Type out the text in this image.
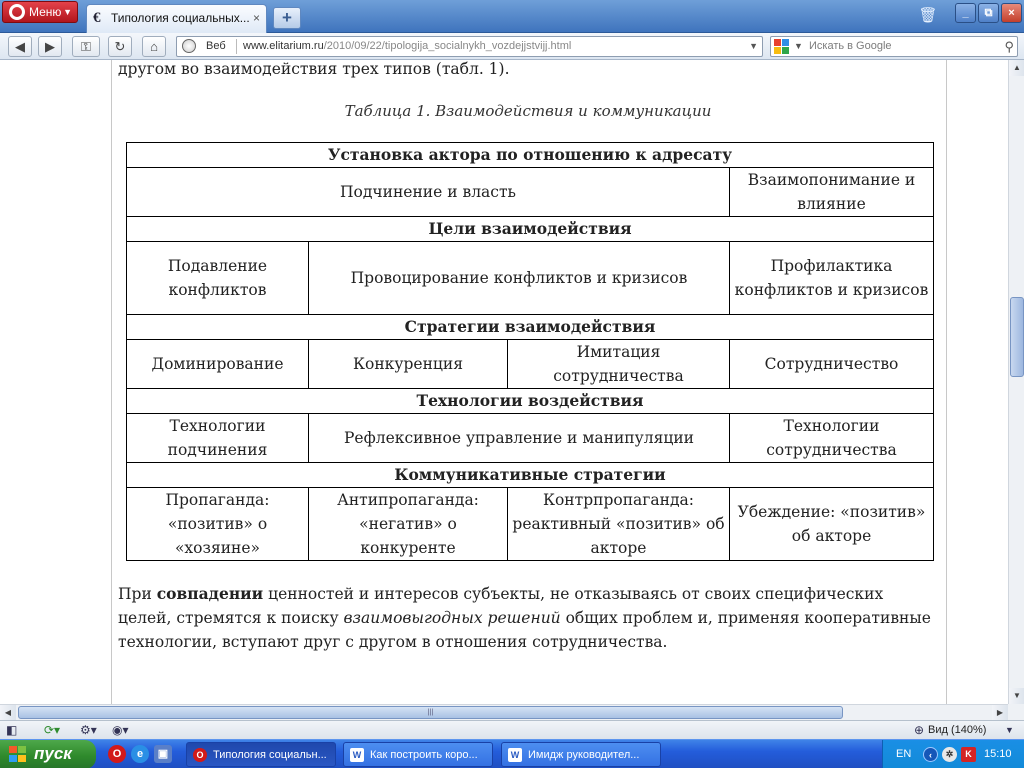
Меню ▼ € Типология социальных... ×	+	🗑	_	⧉	×
◀	▶	⚿	↻	⌂	Веб www.elitarium.ru/2010/09/22/tipologija_socialnykh_vozdejjstvijj.html	▼	▼ Искать в Google	⚲
другом во взаимодействия трех типов (табл. 1).
Таблица 1. Взаимодействия и коммуникации
Установка актора по отношению к адресату			
Подчинение и власть			Взаимопонимание и влияние
Цели взаимодействия			
Подавление конфликтов	Провоцирование конфликтов и кризисов		Профилактика конфликтов и кризисов
Стратегии взаимодействия			
Доминирование	Конкуренция	Имитация сотрудничества	Сотрудничество
Технологии воздействия			
Технологии подчинения	Рефлексивное управление и манипуляции		Технологии сотрудничества
Коммуникативные стратегии			
Пропаганда: «позитив» о «хозяине»	Антипропаганда: «негатив» о конкуренте	Контрпропаганда: реактивный «позитив» об акторе	Убеждение: «позитив» об акторе
При совпадении ценностей и интересов субъекты, не отказываясь от своих специфических целей, стремятся к поиску взаимовыгодных решений общих проблем и, применяя кооперативные технологии, вступают друг с другом в отношения сотрудничества.
▲
▼
◀	|||	▶
◧ ⟳▾ ⚙▾ ◉▾	⊕ Вид (140%) ▼
пуск	O	e	▣	O Типология социальн...	W Как построить коро...	W Имидж руководител...	EN	‹	✲	K	15:10
